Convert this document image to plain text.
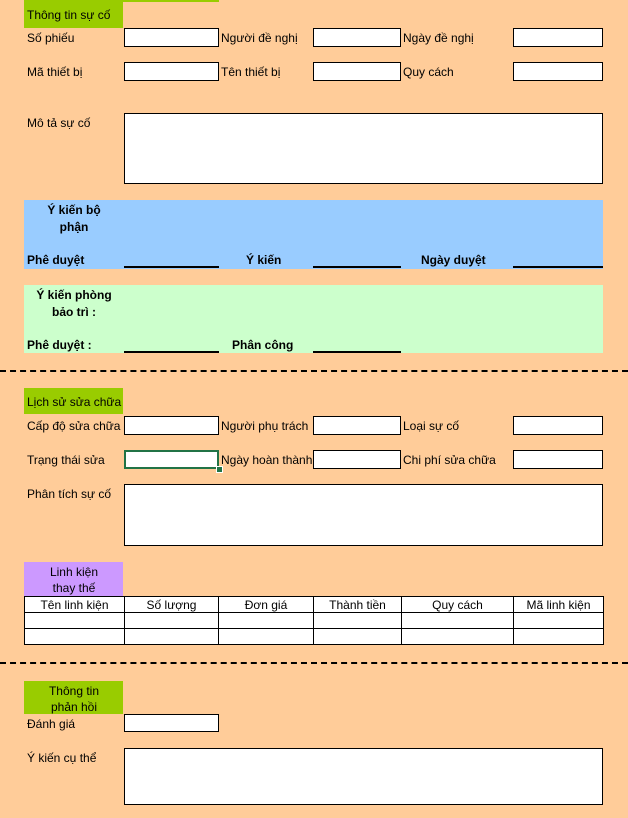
Thông tin sự cố
Số phiếu	Người đề nghị	Ngày đề nghị
Mã thiết bị	Tên thiết bị	Quy cách
Mô tả sự cố
Ý kiến bộ
phận
Phê duyệt	Ý kiến	Ngày duyệt
Ý kiến phòng
bảo trì :
Phê duyệt :	Phân công
Lịch sử sửa chữa
Cấp độ sửa chữa	Người phụ trách	Loại sự cố
Trạng thái sửa	Ngày hoàn thành	Chi phí sửa chữa
Phân tích sự cố
Linh kiện
thay thế
Tên linh kiện	Số lượng	Đơn giá	Thành tiền	Quy cách	Mã linh kiện

Thông tin
phản hồi
Đánh giá
Ý kiến cụ thể
